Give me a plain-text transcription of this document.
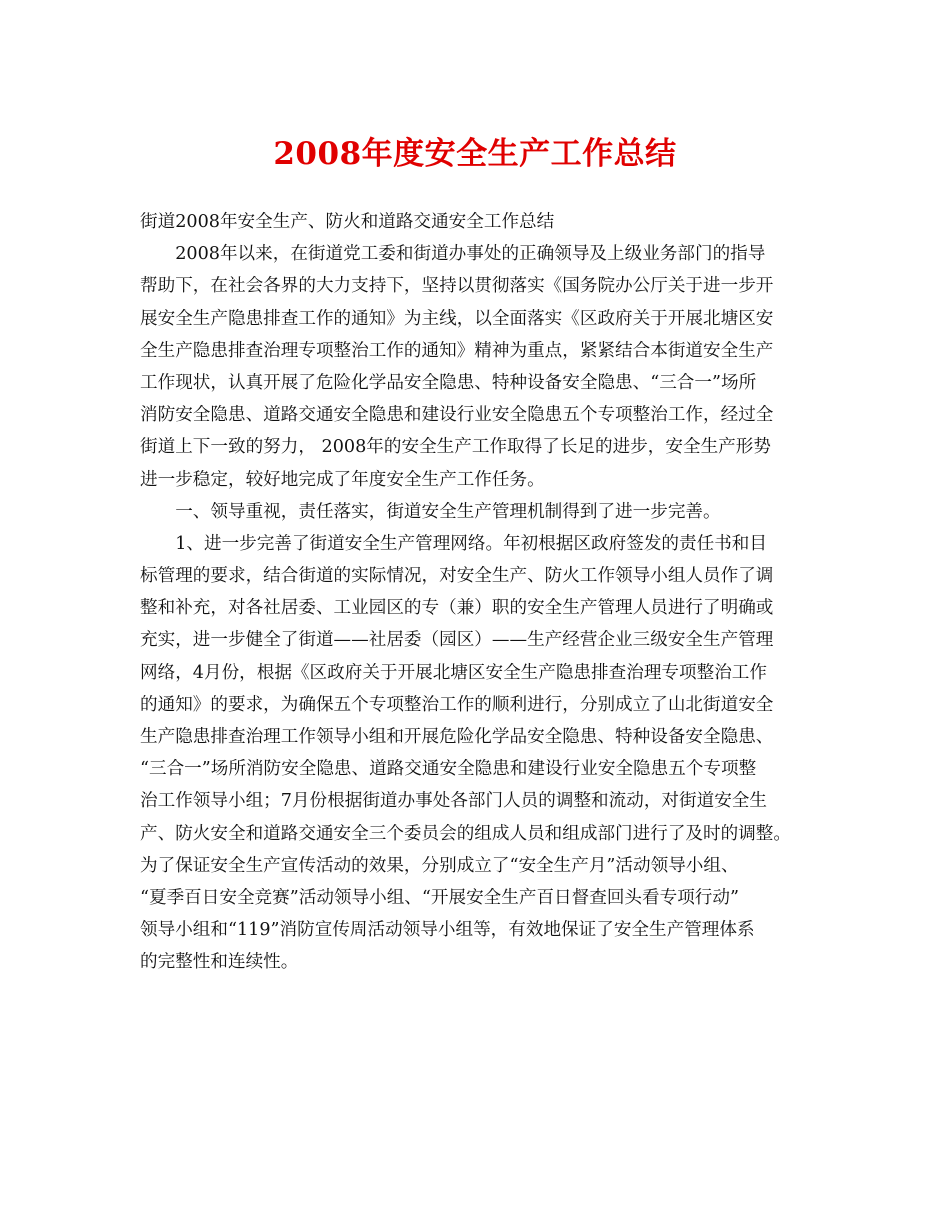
2008年度安全生产工作总结
街道2008年安全生产、防火和道路交通安全工作总结
　　2008年以来，在街道党工委和街道办事处的正确领导及上级业务部门的指导
帮助下，在社会各界的大力支持下，坚持以贯彻落实《国务院办公厅关于进一步开
展安全生产隐患排查工作的通知》为主线，以全面落实《区政府关于开展北塘区安
全生产隐患排查治理专项整治工作的通知》精神为重点，紧紧结合本街道安全生产
工作现状，认真开展了危险化学品安全隐患、特种设备安全隐患、“三合一”场所
消防安全隐患、道路交通安全隐患和建设行业安全隐患五个专项整治工作，经过全
街道上下一致的努力， 2008年的安全生产工作取得了长足的进步，安全生产形势
进一步稳定，较好地完成了年度安全生产工作任务。
　　一、领导重视，责任落实，街道安全生产管理机制得到了进一步完善。
　　1、进一步完善了街道安全生产管理网络。年初根据区政府签发的责任书和目
标管理的要求，结合街道的实际情况，对安全生产、防火工作领导小组人员作了调
整和补充，对各社居委、工业园区的专（兼）职的安全生产管理人员进行了明确或
充实，进一步健全了街道——社居委（园区）——生产经营企业三级安全生产管理
网络，4月份，根据《区政府关于开展北塘区安全生产隐患排查治理专项整治工作
的通知》的要求，为确保五个专项整治工作的顺利进行，分别成立了山北街道安全
生产隐患排查治理工作领导小组和开展危险化学品安全隐患、特种设备安全隐患、
“三合一”场所消防安全隐患、道路交通安全隐患和建设行业安全隐患五个专项整
治工作领导小组；7月份根据街道办事处各部门人员的调整和流动，对街道安全生
产、防火安全和道路交通安全三个委员会的组成人员和组成部门进行了及时的调整。
为了保证安全生产宣传活动的效果，分别成立了“安全生产月”活动领导小组、
“夏季百日安全竞赛”活动领导小组、“开展安全生产百日督查回头看专项行动”
领导小组和“119”消防宣传周活动领导小组等，有效地保证了安全生产管理体系
的完整性和连续性。
